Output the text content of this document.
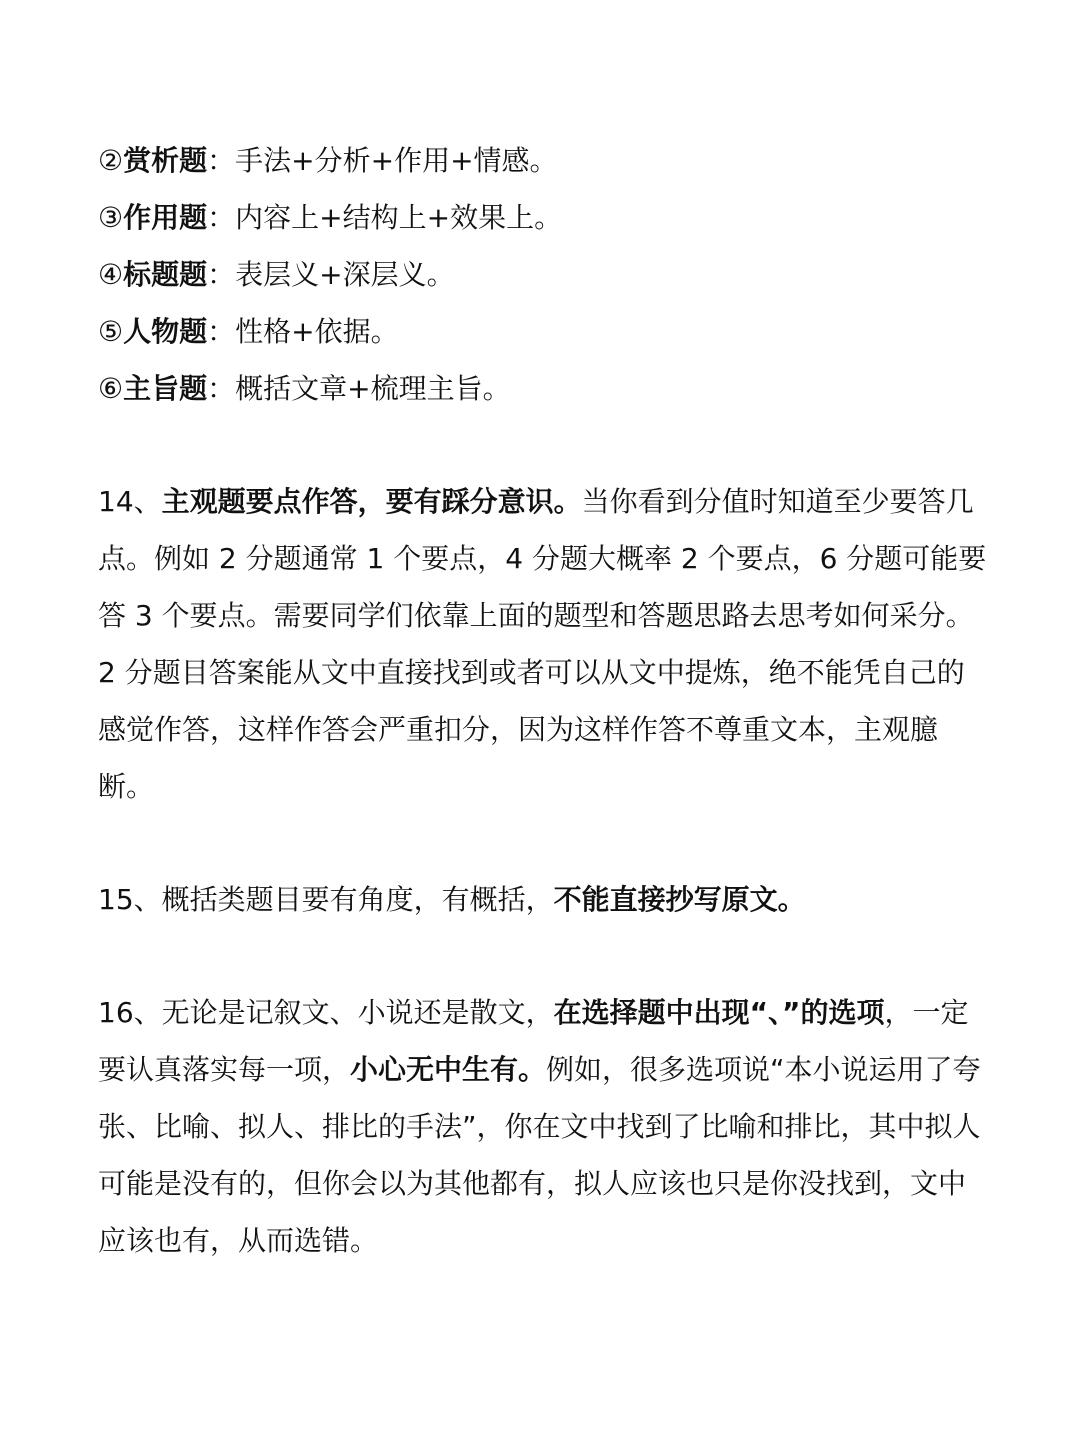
②赏析题：手法+分析+作用+情感。
③作用题：内容上+结构上+效果上。
④标题题：表层义+深层义。
⑤人物题：性格+依据。
⑥主旨题：概括文章+梳理主旨。

14、主观题要点作答，要有踩分意识。当你看到分值时知道至少要答几点。例如 2 分题通常 1 个要点，4 分题大概率 2 个要点，6 分题可能要答 3 个要点。需要同学们依靠上面的题型和答题思路去思考如何采分。2 分题目答案能从文中直接找到或者可以从文中提炼，绝不能凭自己的感觉作答，这样作答会严重扣分，因为这样作答不尊重文本，主观臆断。

15、概括类题目要有角度，有概括，不能直接抄写原文。

16、无论是记叙文、小说还是散文，在选择题中出现“、”的选项，一定要认真落实每一项，小心无中生有。例如，很多选项说“本小说运用了夸张、比喻、拟人、排比的手法”，你在文中找到了比喻和排比，其中拟人可能是没有的，但你会以为其他都有，拟人应该也只是你没找到，文中应该也有，从而选错。
